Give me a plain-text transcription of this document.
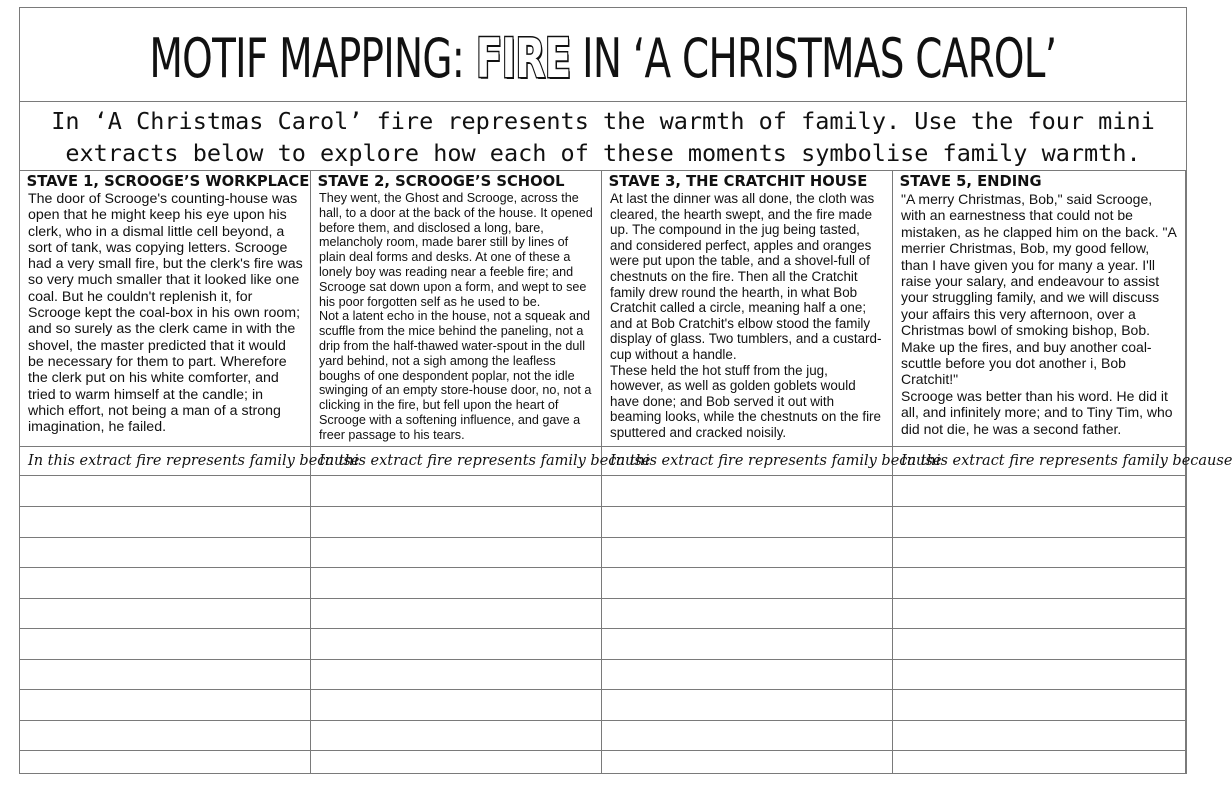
MOTIF MAPPING: FIRE IN ‘A CHRISTMAS CAROL’
In ‘A Christmas Carol’ fire represents the warmth of family. Use the four mini extracts below to explore how each of these moments symbolise family warmth.
STAVE 1, SCROOGE’S WORKPLACE

The door of Scrooge's counting-house was open that he might keep his eye upon his clerk, who in a dismal little cell beyond, a sort of tank, was copying letters. Scrooge had a very small fire, but the clerk's fire was so very much smaller that it looked like one coal. But he couldn't replenish it, for Scrooge kept the coal-box in his own room; and so surely as the clerk came in with the shovel, the master predicted that it would be necessary for them to part. Wherefore the clerk put on his white comforter, and tried to warm himself at the candle; in which effort, not being a man of a strong imagination, he failed.

In this extract fire represents family because
STAVE 2, SCROOGE’S SCHOOL

They went, the Ghost and Scrooge, across the hall, to a door at the back of the house. It opened before them, and disclosed a long, bare, melancholy room, made barer still by lines of plain deal forms and desks. At one of these a lonely boy was reading near a feeble fire; and Scrooge sat down upon a form, and wept to see his poor forgotten self as he used to be.

Not a latent echo in the house, not a squeak and scuffle from the mice behind the paneling, not a drip from the half-thawed water-spout in the dull yard behind, not a sigh among the leafless boughs of one despondent poplar, not the idle swinging of an empty store-house door, no, not a clicking in the fire, but fell upon the heart of Scrooge with a softening influence, and gave a freer passage to his tears.

In this extract fire represents family because
STAVE 3, THE CRATCHIT HOUSE

At last the dinner was all done, the cloth was cleared, the hearth swept, and the fire made up. The compound in the jug being tasted, and considered perfect, apples and oranges were put upon the table, and a shovel-full of chestnuts on the fire. Then all the Cratchit family drew round the hearth, in what Bob Cratchit called a circle, meaning half a one; and at Bob Cratchit's elbow stood the family display of glass. Two tumblers, and a custard-cup without a handle.

These held the hot stuff from the jug, however, as well as golden goblets would have done; and Bob served it out with beaming looks, while the chestnuts on the fire sputtered and cracked noisily.

In this extract fire represents family because
STAVE 5, ENDING

"A merry Christmas, Bob," said Scrooge, with an earnestness that could not be mistaken, as he clapped him on the back. "A merrier Christmas, Bob, my good fellow, than I have given you for many a year. I'll raise your salary, and endeavour to assist your struggling family, and we will discuss your affairs this very afternoon, over a Christmas bowl of smoking bishop, Bob. Make up the fires, and buy another coal-scuttle before you dot another i, Bob Cratchit!"

Scrooge was better than his word. He did it all, and infinitely more; and to Tiny Tim, who did not die, he was a second father.

In this extract fire represents family because
